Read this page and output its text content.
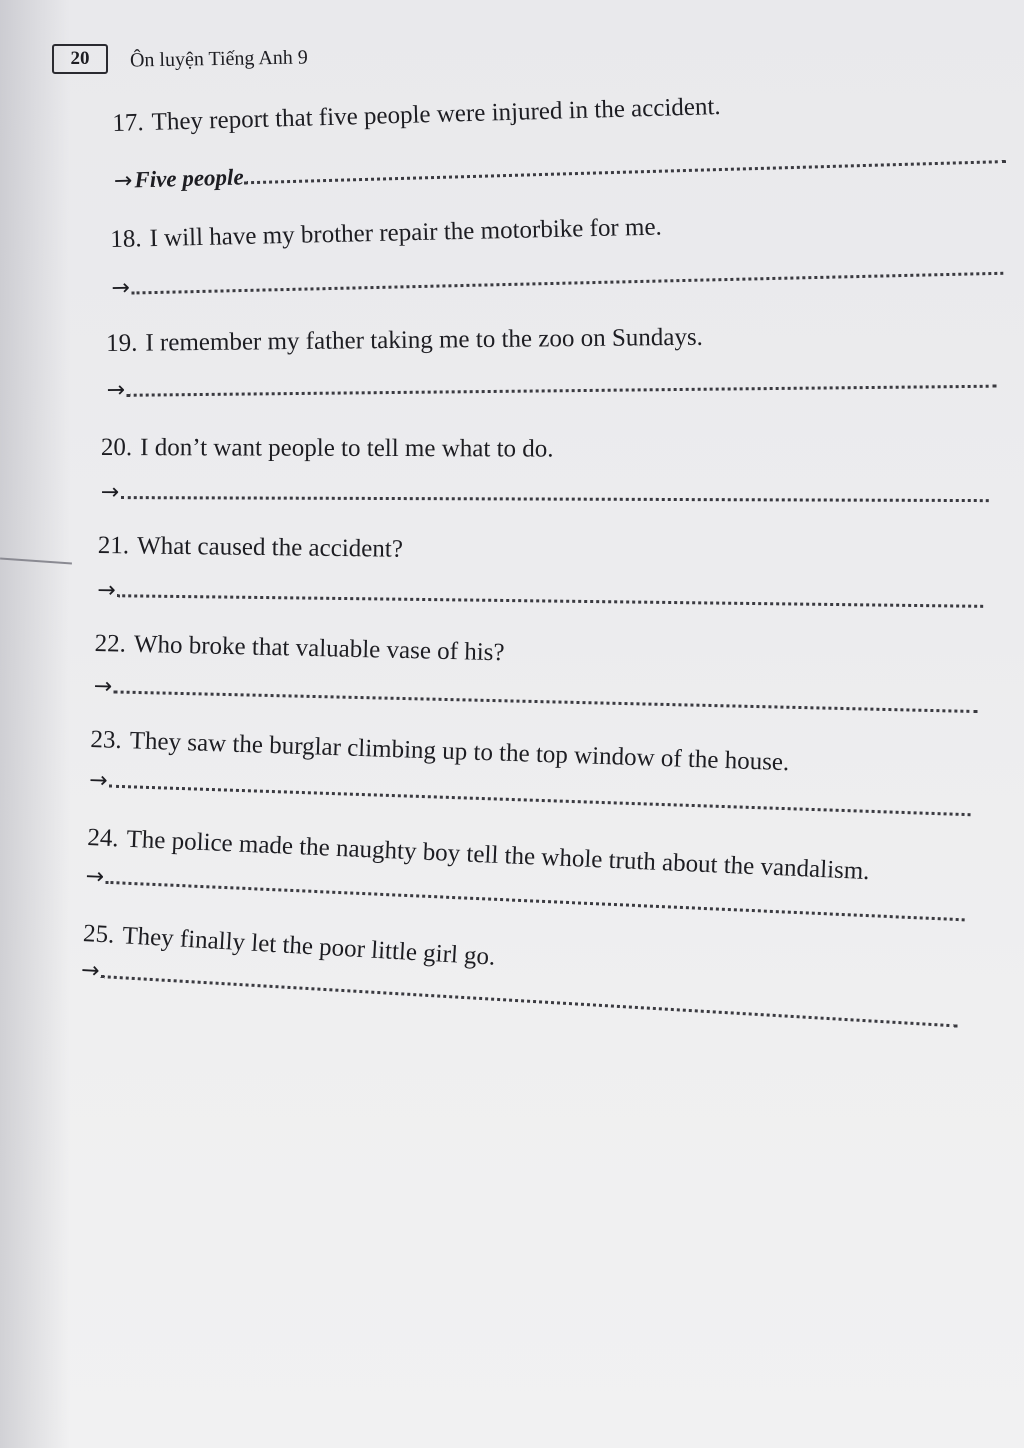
20	Ôn luyện Tiếng Anh 9
17. They report that five people were injured in the accident.
→ Five people
18. I will have my brother repair the motorbike for me.
→
19. I remember my father taking me to the zoo on Sundays.
→
20. I don’t want people to tell me what to do.
→
21. What caused the accident?
→
22. Who broke that valuable vase of his?
→
23. They saw the burglar climbing up to the top window of the house.
→
24. The police made the naughty boy tell the whole truth about the vandalism.
→
25. They finally let the poor little girl go.
→
